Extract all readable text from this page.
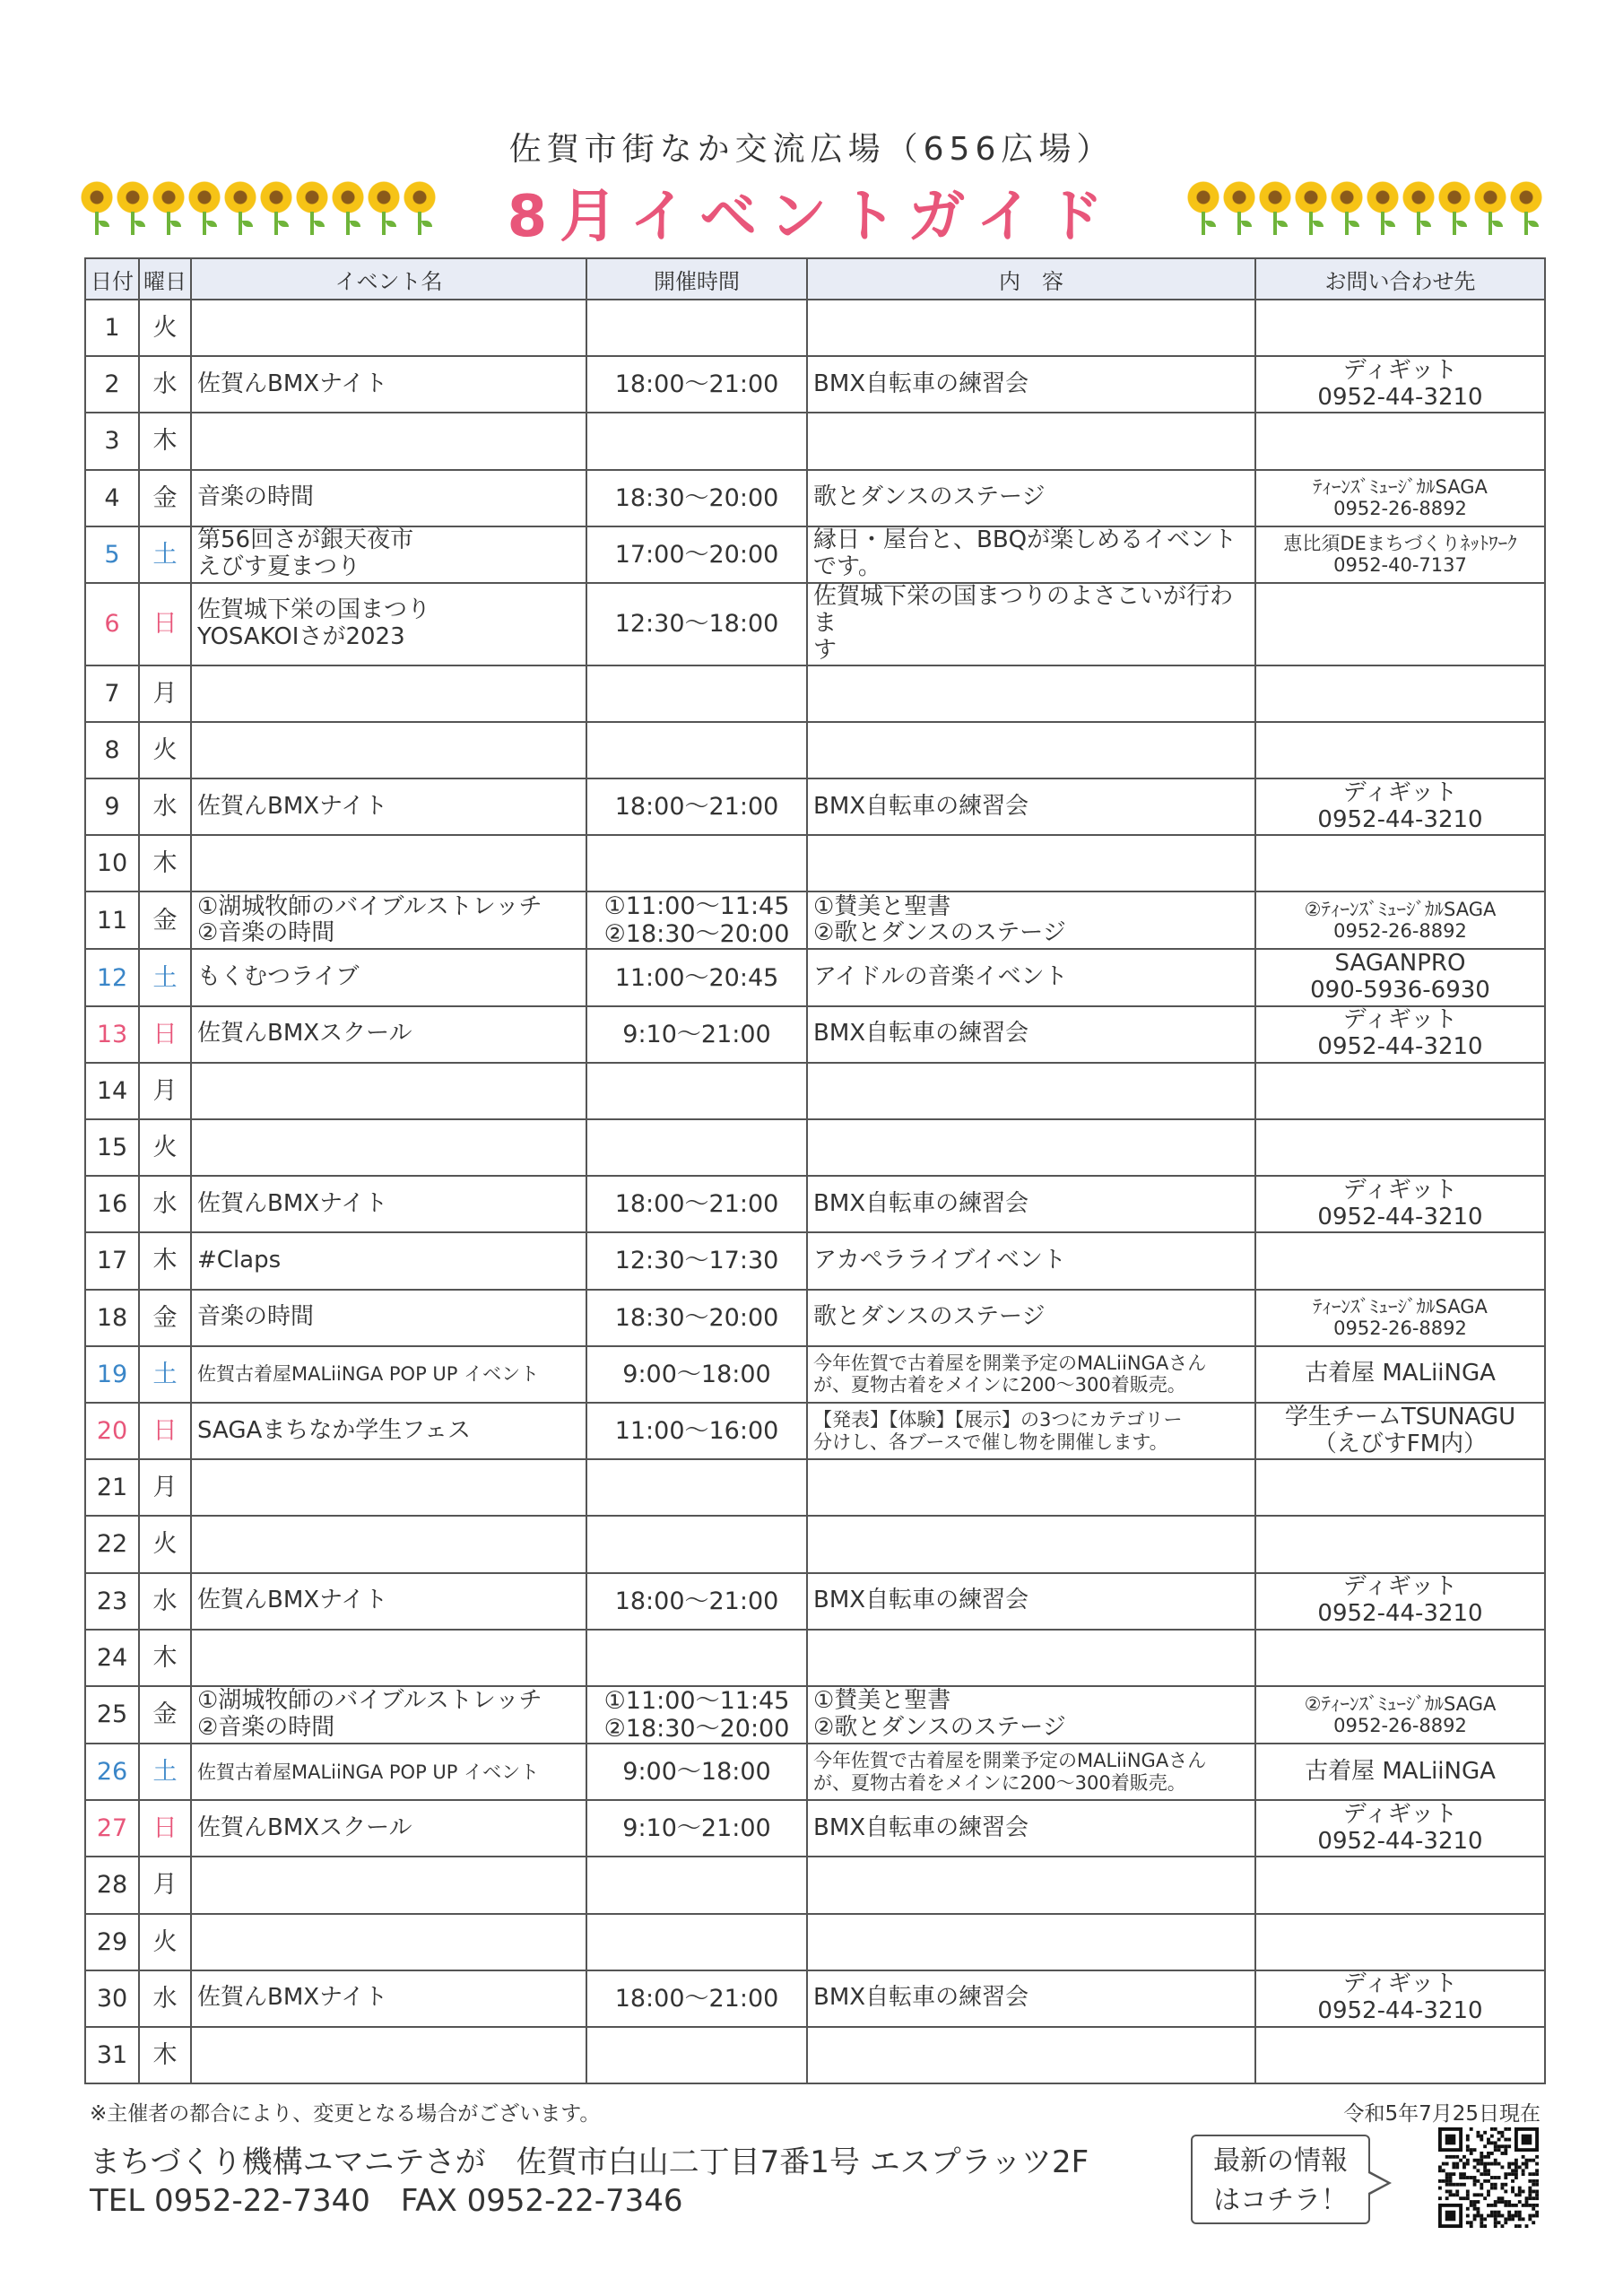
佐賀市街なか交流広場（656広場）
8月イベントガイド
日付	曜日	イベント名	開催時間	内　容	お問い合わせ先
1	火				
2	水	佐賀んBMXナイト	18:00～21:00	BMX自転車の練習会	ディギット
0952-44-3210

3	木				
4	金	音楽の時間	18:30～20:00	歌とダンスのステージ	ﾃｨｰﾝｽﾞﾐｭｰｼﾞｶﾙSAGA
0952-26-8892

5	土	第56回さが銀天夜市
えびす夏まつり	17:00～20:00	縁日・屋台と、BBQが楽しめるイベント
です。	恵比須DEまちづくりﾈｯﾄﾜｰｸ
0952-40-7137

6	日	佐賀城下栄の国まつり
YOSAKOIさが2023	12:30～18:00	佐賀城下栄の国まつりのよさこいが行わま
す	

7	月				
8	火				
9	水	佐賀んBMXナイト	18:00～21:00	BMX自転車の練習会	ディギット
0952-44-3210

10	木				
11	金	①湖城牧師のバイブルストレッチ
②音楽の時間	①11:00～11:45
②18:30～20:00	①賛美と聖書
②歌とダンスのステージ	②ﾃｨｰﾝｽﾞﾐｭｰｼﾞｶﾙSAGA
0952-26-8892

12	土	もくむつライブ	11:00～20:45	アイドルの音楽イベント	SAGANPRO
090-5936-6930

13	日	佐賀んBMXスクール	9:10～21:00	BMX自転車の練習会	ディギット
0952-44-3210

14	月				
15	火				
16	水	佐賀んBMXナイト	18:00～21:00	BMX自転車の練習会	ディギット
0952-44-3210

17	木	#Claps	12:30～17:30	アカペラライブイベント	

18	金	音楽の時間	18:30～20:00	歌とダンスのステージ	ﾃｨｰﾝｽﾞﾐｭｰｼﾞｶﾙSAGA
0952-26-8892

19	土	佐賀古着屋MALiiNGA POP UP イベント	9:00～18:00	今年佐賀で古着屋を開業予定のMALiiNGAさん
が、夏物古着をメインに200～300着販売。	古着屋 MALiiNGA

20	日	SAGAまちなか学生フェス	11:00～16:00	【発表】【体験】【展示】の3つにカテゴリー
分けし、各ブースで催し物を開催します。	学生チームTSUNAGU
（えびすFM内）

21	月				
22	火				
23	水	佐賀んBMXナイト	18:00～21:00	BMX自転車の練習会	ディギット
0952-44-3210

24	木				
25	金	①湖城牧師のバイブルストレッチ
②音楽の時間	①11:00～11:45
②18:30～20:00	①賛美と聖書
②歌とダンスのステージ	②ﾃｨｰﾝｽﾞﾐｭｰｼﾞｶﾙSAGA
0952-26-8892

26	土	佐賀古着屋MALiiNGA POP UP イベント	9:00～18:00	今年佐賀で古着屋を開業予定のMALiiNGAさん
が、夏物古着をメインに200～300着販売。	古着屋 MALiiNGA

27	日	佐賀んBMXスクール	9:10～21:00	BMX自転車の練習会	ディギット
0952-44-3210

28	月				
29	火				
30	水	佐賀んBMXナイト	18:00～21:00	BMX自転車の練習会	ディギット
0952-44-3210

31	木				
※主催者の都合により、変更となる場合がございます。	令和5年7月25日現在
まちづくり機構ユマニテさが　佐賀市白山二丁目7番1号 エスプラッツ2F
TEL 0952-22-7340　FAX 0952-22-7346
最新の情報
はコチラ！
